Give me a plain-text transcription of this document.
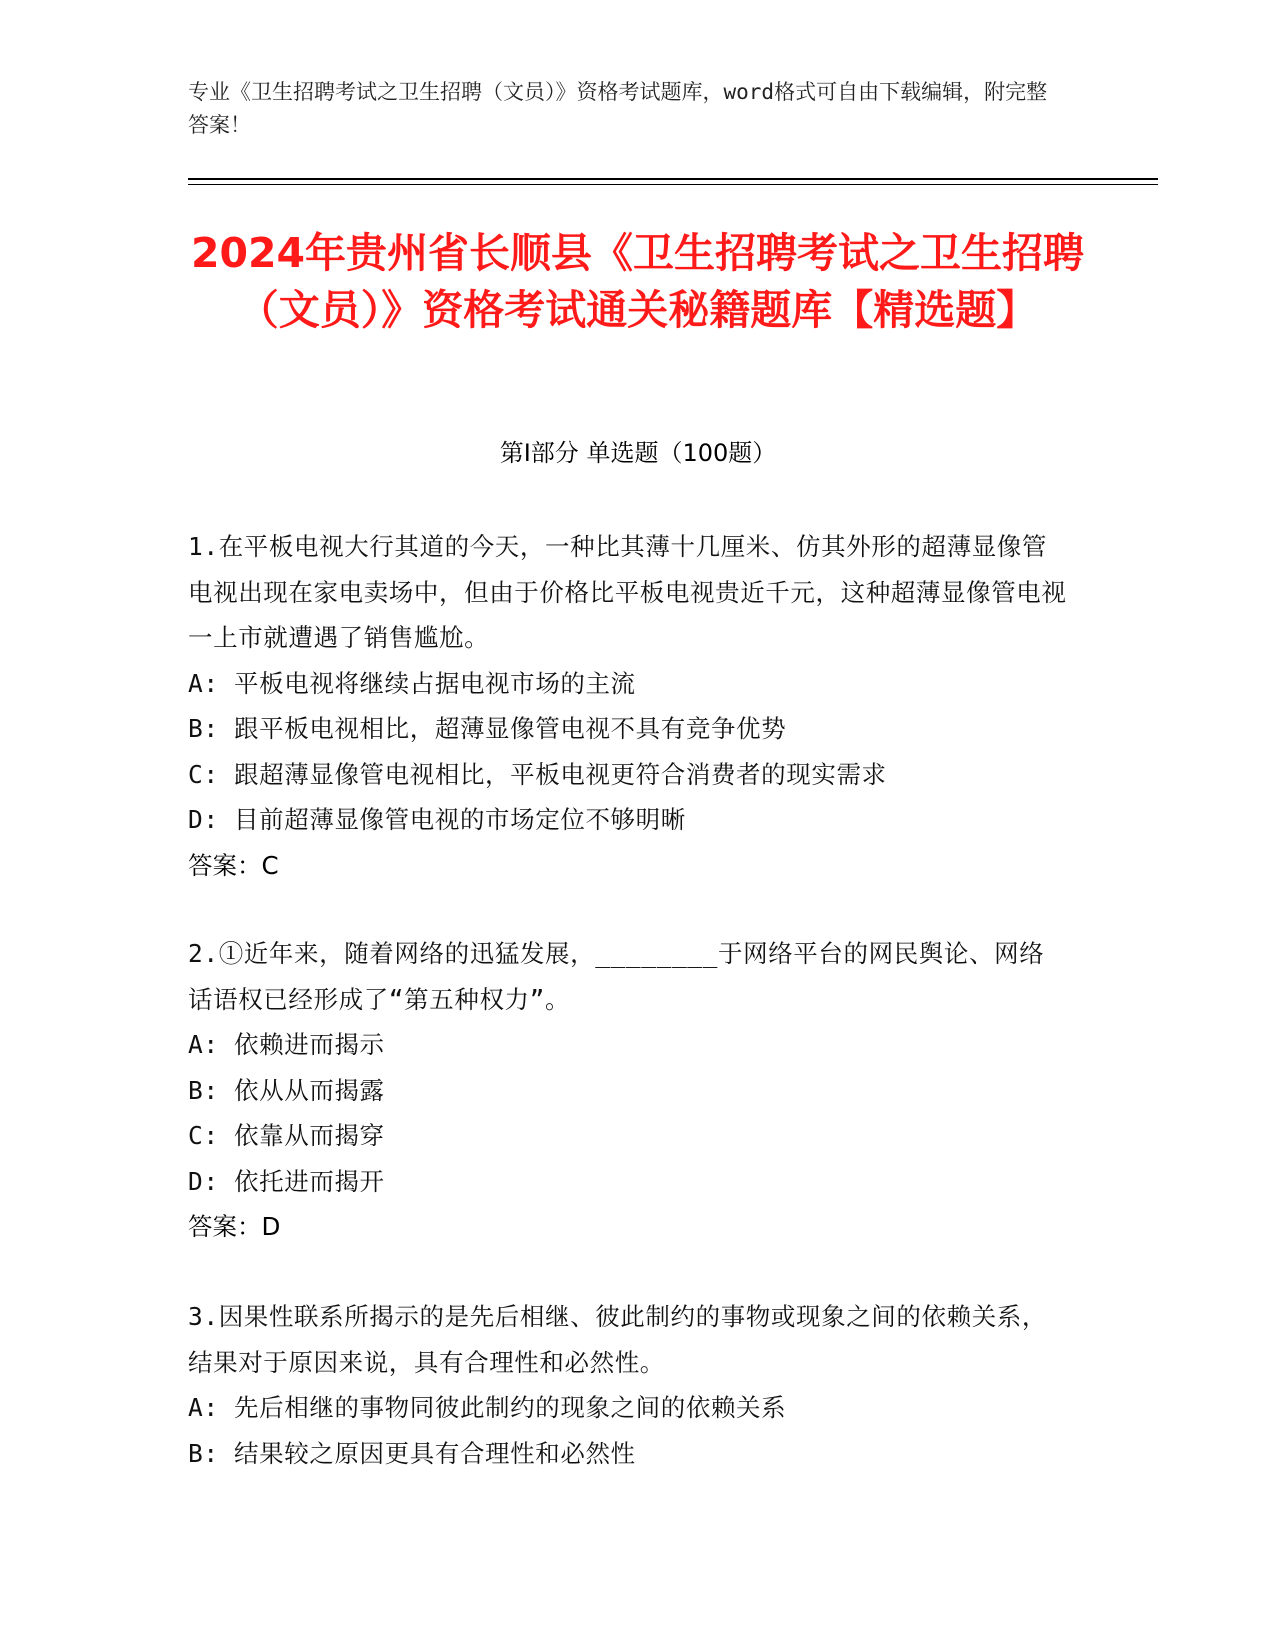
专业《卫生招聘考试之卫生招聘（文员）》资格考试题库，word格式可自由下载编辑，附完整答案！
2024年贵州省长顺县《卫生招聘考试之卫生招聘（文员）》资格考试通关秘籍题库【精选题】
第Ⅰ部分 单选题（100题）
1.在平板电视大行其道的今天，一种比其薄十几厘米、仿其外形的超薄显像管电视出现在家电卖场中，但由于价格比平板电视贵近千元，这种超薄显像管电视一上市就遭遇了销售尴尬。
A: 平板电视将继续占据电视市场的主流
B: 跟平板电视相比，超薄显像管电视不具有竞争优势
C: 跟超薄显像管电视相比，平板电视更符合消费者的现实需求
D: 目前超薄显像管电视的市场定位不够明晰
答案：C
2.①近年来，随着网络的迅猛发展，________于网络平台的网民舆论、网络话语权已经形成了“第五种权力”。
A: 依赖进而揭示
B: 依从从而揭露
C: 依靠从而揭穿
D: 依托进而揭开
答案：D
3.因果性联系所揭示的是先后相继、彼此制约的事物或现象之间的依赖关系，结果对于原因来说，具有合理性和必然性。
A: 先后相继的事物同彼此制约的现象之间的依赖关系
B: 结果较之原因更具有合理性和必然性
